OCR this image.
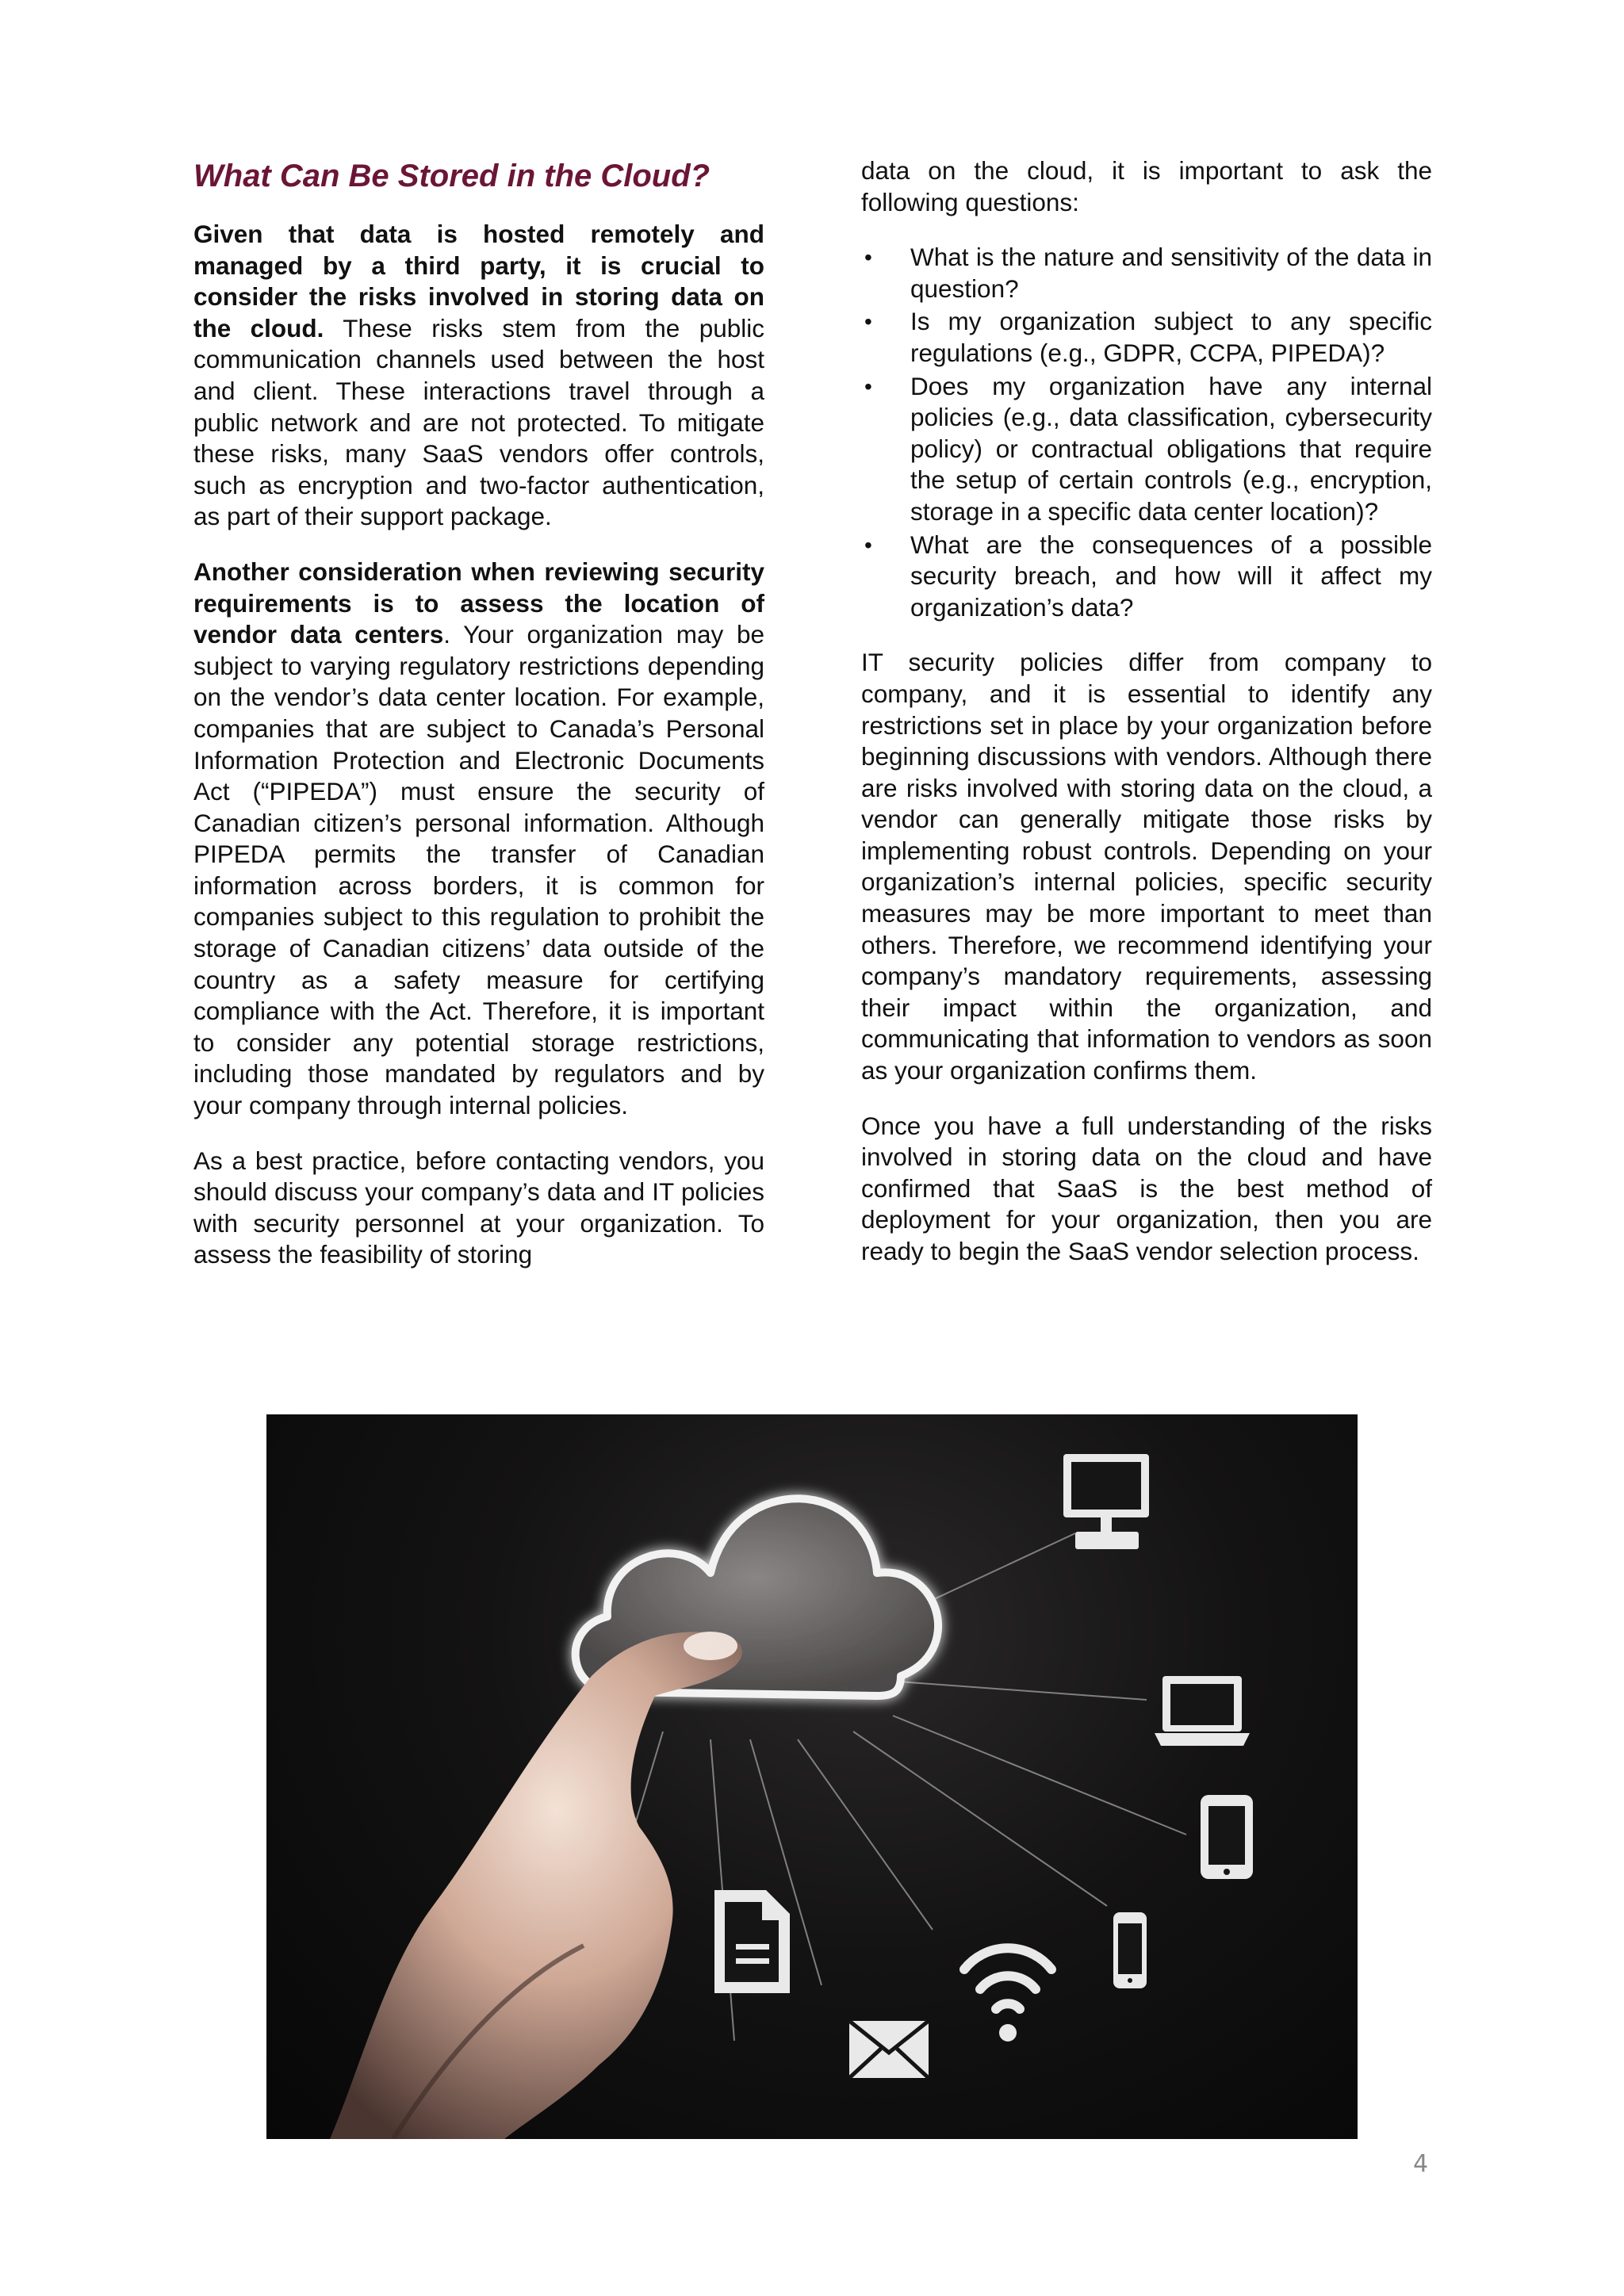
What Can Be Stored in the Cloud?

Given that data is hosted remotely and managed by a third party, it is crucial to consider the risks involved in storing data on the cloud. These risks stem from the public communication channels used between the host and client. These interactions travel through a public network and are not protected. To mitigate these risks, many SaaS vendors offer controls, such as encryption and two-factor authentication, as part of their support package.

Another consideration when reviewing security requirements is to assess the location of vendor data centers. Your organization may be subject to varying regulatory restrictions depending on the vendor’s data center location. For example, companies that are subject to Canada’s Personal Information Protection and Electronic Documents Act (“PIPEDA”) must ensure the security of Canadian citizen’s personal information. Although PIPEDA permits the transfer of Canadian information across borders, it is common for companies subject to this regulation to prohibit the storage of Canadian citizens’ data outside of the country as a safety measure for certifying compliance with the Act. Therefore, it is important to consider any potential storage restrictions, including those mandated by regulators and by your company through internal policies.

As a best practice, before contacting vendors, you should discuss your company’s data and IT policies with security personnel at your organization. To assess the feasibility of storing

data on the cloud, it is important to ask the following questions:

• What is the nature and sensitivity of the data in question?
• Is my organization subject to any specific regulations (e.g., GDPR, CCPA, PIPEDA)?
• Does my organization have any internal policies (e.g., data classification, cybersecurity policy) or contractual obligations that require the setup of certain controls (e.g., encryption, storage in a specific data center location)?
• What are the consequences of a possible security breach, and how will it affect my organization’s data?

IT security policies differ from company to company, and it is essential to identify any restrictions set in place by your organization before beginning discussions with vendors. Although there are risks involved with storing data on the cloud, a vendor can generally mitigate those risks by implementing robust controls. Depending on your organization’s internal policies, specific security measures may be more important to meet than others. Therefore, we recommend identifying your company’s mandatory requirements, assessing their impact within the organization, and communicating that information to vendors as soon as your organization confirms them.

Once you have a full understanding of the risks involved in storing data on the cloud and have confirmed that SaaS is the best method of deployment for your organization, then you are ready to begin the SaaS vendor selection process.

4
